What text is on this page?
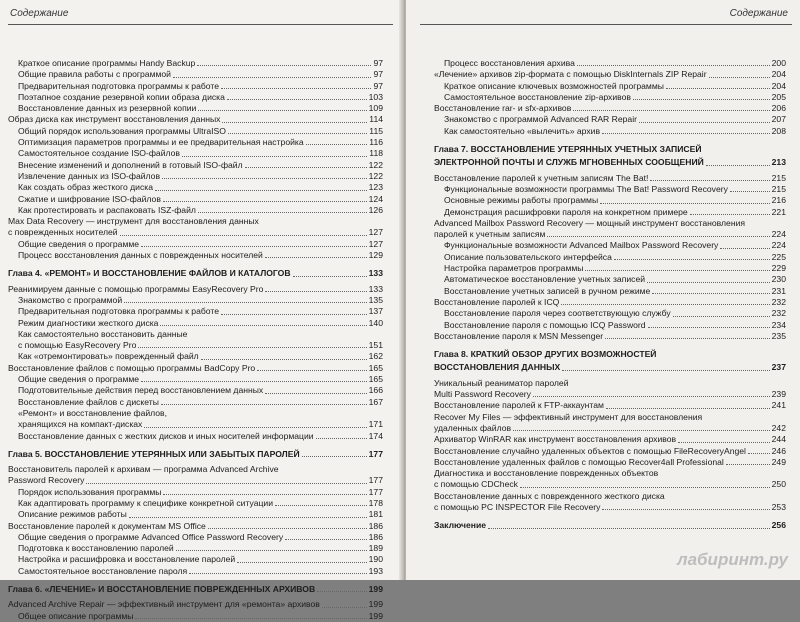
Содержание
Краткое описание программы Handy Backup	97
Общие правила работы с программой	97
Предварительная подготовка программы к работе	97
Поэтапное создание резервной копии образа диска	103
Восстановление данных из резервной копии	109
Образ диска как инструмент восстановления данных	114
Общий порядок использования программы UltraISO	115
Оптимизация параметров программы и ее предварительная настройка	116
Самостоятельное создание ISO-файлов	118
Внесение изменений и дополнений в готовый ISO-файл	122
Извлечение данных из ISO-файлов	122
Как создать образ жесткого диска	123
Сжатие и шифрование ISO-файлов	124
Как протестировать и распаковать ISZ-файл	126
Max Data Recovery — инструмент для восстановления данных
с поврежденных носителей	127
Общие сведения о программе	127
Процесс восстановления данных с поврежденных носителей	129
Глава 4. «РЕМОНТ» И ВОССТАНОВЛЕНИЕ ФАЙЛОВ И КАТАЛОГОВ	133
Реанимируем данные с помощью программы EasyRecovery Pro	133
Знакомство с программой	135
Предварительная подготовка программы к работе	137
Режим диагностики жесткого диска	140
Как самостоятельно восстановить данные
с помощью EasyRecovery Pro	151
Как «отремонтировать» поврежденный файл	162
Восстановление файлов с помощью программы BadCopy Pro	165
Общие сведения о программе	165
Подготовительные действия перед восстановлением данных	166
Восстановление файлов с дискеты	167
«Ремонт» и восстановление файлов,
хранящихся на компакт-дисках	171
Восстановление данных с жестких дисков и иных носителей информации	174
Глава 5. ВОССТАНОВЛЕНИЕ УТЕРЯННЫХ ИЛИ ЗАБЫТЫХ ПАРОЛЕЙ	177
Восстановитель паролей к архивам — программа Advanced Archive
Password Recovery	177
Порядок использования программы	177
Как адаптировать программу к специфике конкретной ситуации	178
Описание режимов работы	181
Восстановление паролей к документам MS Office	186
Общие сведения о программе Advanced Office Password Recovery	186
Подготовка к восстановлению паролей	189
Настройка и расшифровка и восстановление паролей	190
Самостоятельное восстановление пароля	193
Глава 6. «ЛЕЧЕНИЕ» И ВОССТАНОВЛЕНИЕ ПОВРЕЖДЕННЫХ АРХИВОВ	199
Advanced Archive Repair — эффективный инструмент для «ремонта» архивов	199
Общее описание программы	199
Содержание
Процесс восстановления архива	200
«Лечение» архивов zip-формата с помощью DiskInternals ZIP Repair	204
Краткое описание ключевых возможностей программы	204
Самостоятельное восстановление zip-архивов	205
Восстановление rar- и sfx-архивов	206
Знакомство с программой Advanced RAR Repair	207
Как самостоятельно «вылечить» архив	208
Глава 7. ВОССТАНОВЛЕНИЕ УТЕРЯННЫХ УЧЕТНЫХ ЗАПИСЕЙ
ЭЛЕКТРОННОЙ ПОЧТЫ И СЛУЖБ МГНОВЕННЫХ СООБЩЕНИЙ	213
Восстановление паролей к учетным записям The Bat!	215
Функциональные возможности программы The Bat! Password Recovery	215
Основные режимы работы программы	216
Демонстрация расшифровки пароля на конкретном примере	221
Advanced Mailbox Password Recovery — мощный инструмент восстановления
паролей к учетным записям	224
Функциональные возможности Advanced Mailbox Password Recovery	224
Описание пользовательского интерфейса	225
Настройка параметров программы	229
Автоматическое восстановление учетных записей	230
Восстановление учетных записей в ручном режиме	231
Восстановление паролей к ICQ	232
Восстановление пароля через соответствующую службу	232
Восстановление пароля с помощью ICQ Password	234
Восстановление пароля к MSN Messenger	235
Глава 8. КРАТКИЙ ОБЗОР ДРУГИХ ВОЗМОЖНОСТЕЙ
ВОССТАНОВЛЕНИЯ ДАННЫХ	237
Уникальный реаниматор паролей
Multi Password Recovery	239
Восстановление паролей к FTP-аккаунтам	241
Recover My Files — эффективный инструмент для восстановления
удаленных файлов	242
Архиватор WinRAR как инструмент восстановления архивов	244
Восстановление случайно удаленных объектов с помощью FileRecoveryAngel	246
Восстановление удаленных файлов с помощью Recover4all Professional	249
Диагностика и восстановление поврежденных объектов
с помощью CDCheck	250
Восстановление данных с поврежденного жесткого диска
с помощью PC INSPECTOR File Recovery	253
Заключение	256
лабиринт.ру
